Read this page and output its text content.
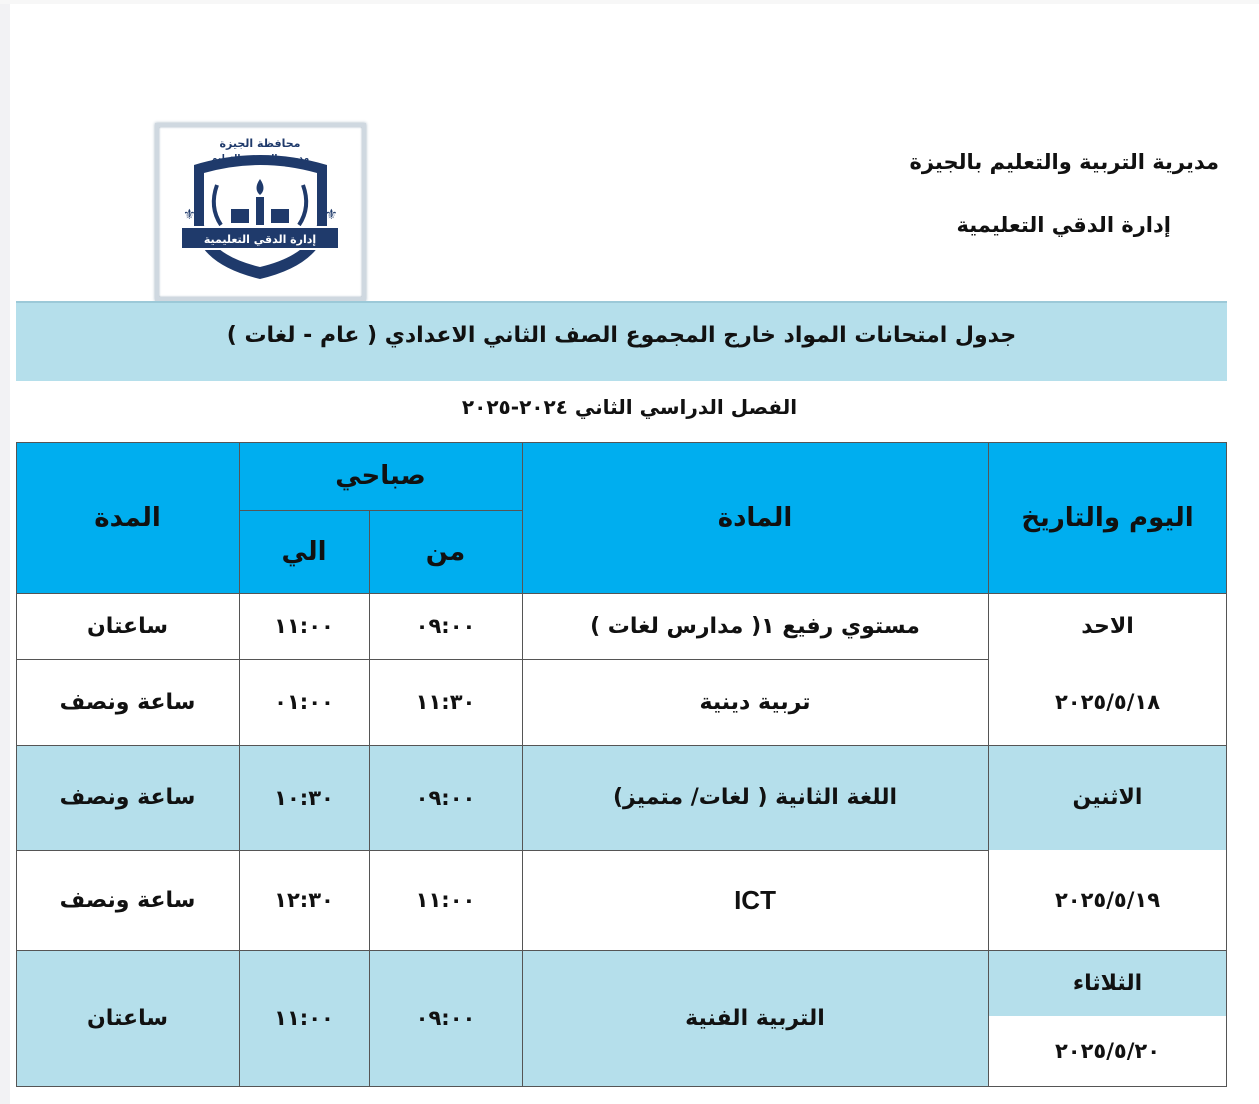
مديرية التربية والتعليم بالجيزة
إدارة الدقي التعليمية
⚜	⚜
إدارة الدقي التعليمية
محافظة الجيزة
مديرية التربية والتعليم
جدول امتحانات المواد خارج المجموع الصف الثاني الاعدادي ( عام - لغات )
الفصل الدراسي الثاني ٢٠٢٤-٢٠٢٥
اليوم والتاريخ
المادة
صباحي
من
الي
المدة
الاحد
٢٠٢٥/٥/١٨
الاثنين
٢٠٢٥/٥/١٩
الثلاثاء
٢٠٢٥/٥/٢٠
مستوي رفيع ١( مدارس لغات )
٠٩:٠٠
١١:٠٠
ساعتان
تربية دينية
١١:٣٠
٠١:٠٠
ساعة ونصف
اللغة الثانية ( لغات/ متميز)
٠٩:٠٠
١٠:٣٠
ساعة ونصف
ICT
١١:٠٠
١٢:٣٠
ساعة ونصف
التربية الفنية
٠٩:٠٠
١١:٠٠
ساعتان
